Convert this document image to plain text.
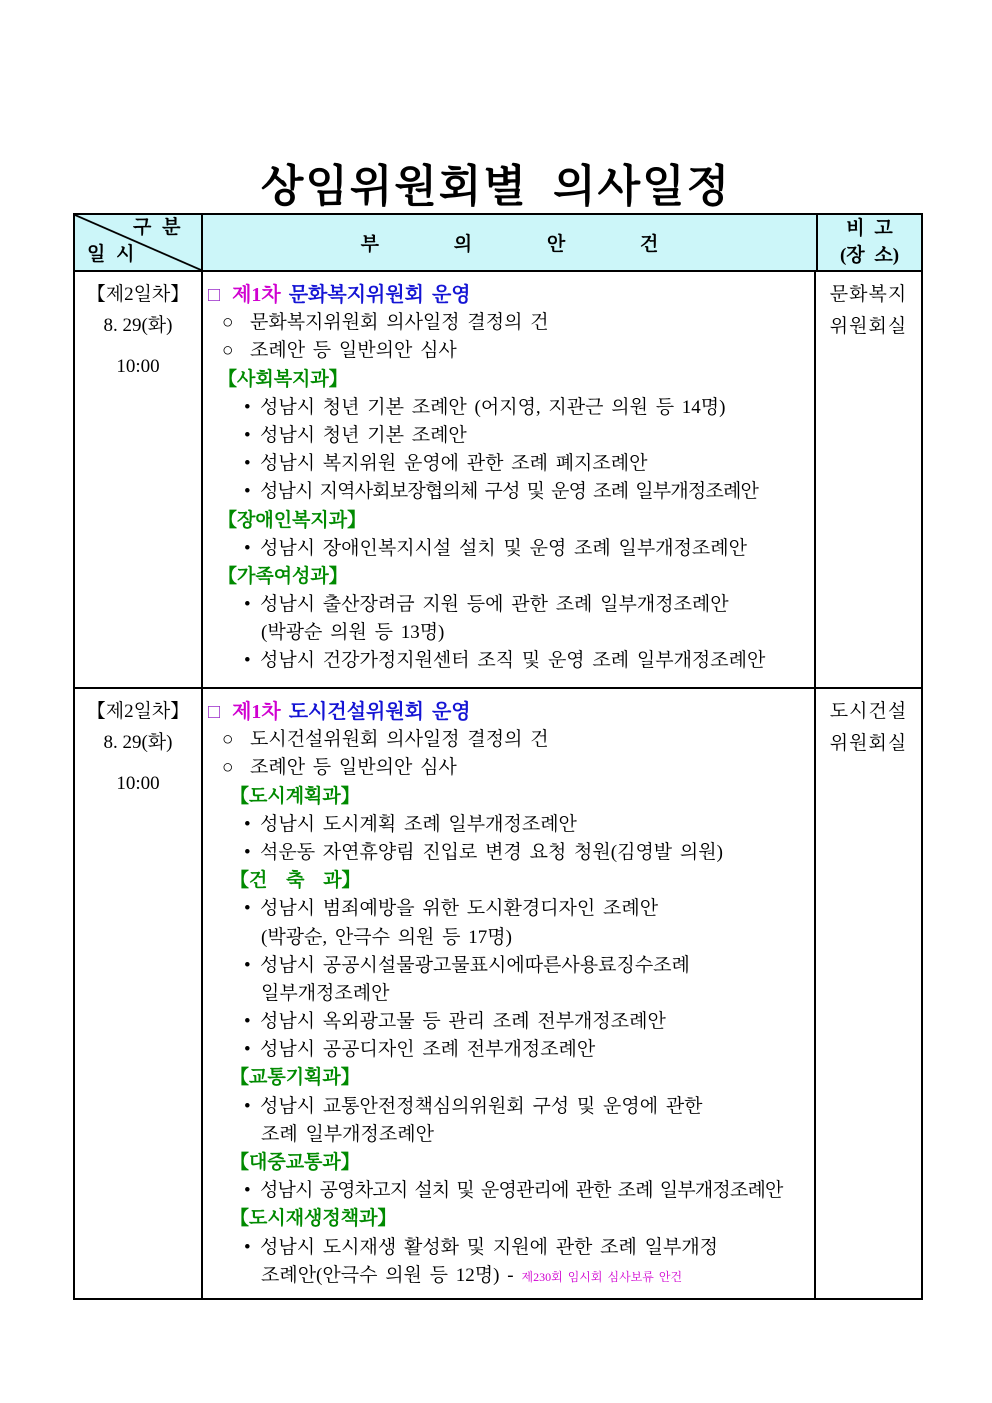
상임위원회별 의사일정
구 분
일 시	부 의 안 건
비 고
(장 소)
【제2일차】
8. 29(화)
10:00
□ 제1차 문화복지위원회 운영
○ 문화복지위원회 의사일정 결정의 건
○ 조례안 등 일반의안 심사
【사회복지과】
• 성남시 청년 기본 조례안 (어지영, 지관근 의원 등 14명)
• 성남시 청년 기본 조례안
• 성남시 복지위원 운영에 관한 조례 폐지조례안
• 성남시 지역사회보장협의체 구성 및 운영 조례 일부개정조례안
【장애인복지과】
• 성남시 장애인복지시설 설치 및 운영 조례 일부개정조례안
【가족여성과】
• 성남시 출산장려금 지원 등에 관한 조례 일부개정조례안
(박광순 의원 등 13명)
• 성남시 건강가정지원센터 조직 및 운영 조례 일부개정조례안
문화복지
위원회실
【제2일차】
8. 29(화)
10:00
□ 제1차 도시건설위원회 운영
○ 도시건설위원회 의사일정 결정의 건
○ 조례안 등 일반의안 심사
【도시계획과】
• 성남시 도시계획 조례 일부개정조례안
• 석운동 자연휴양림 진입로 변경 요청 청원(김영발 의원)
【건 축 과】
• 성남시 범죄예방을 위한 도시환경디자인 조례안
(박광순, 안극수 의원 등 17명)
• 성남시 공공시설물광고물표시에따른사용료징수조례
일부개정조례안
• 성남시 옥외광고물 등 관리 조례 전부개정조례안
• 성남시 공공디자인 조례 전부개정조례안
【교통기획과】
• 성남시 교통안전정책심의위원회 구성 및 운영에 관한
조례 일부개정조례안
【대중교통과】
• 성남시 공영차고지 설치 및 운영관리에 관한 조례 일부개정조례안
【도시재생정책과】
• 성남시 도시재생 활성화 및 지원에 관한 조례 일부개정
조례안(안극수 의원 등 12명) - 제230회 임시회 심사보류 안건
도시건설
위원회실
